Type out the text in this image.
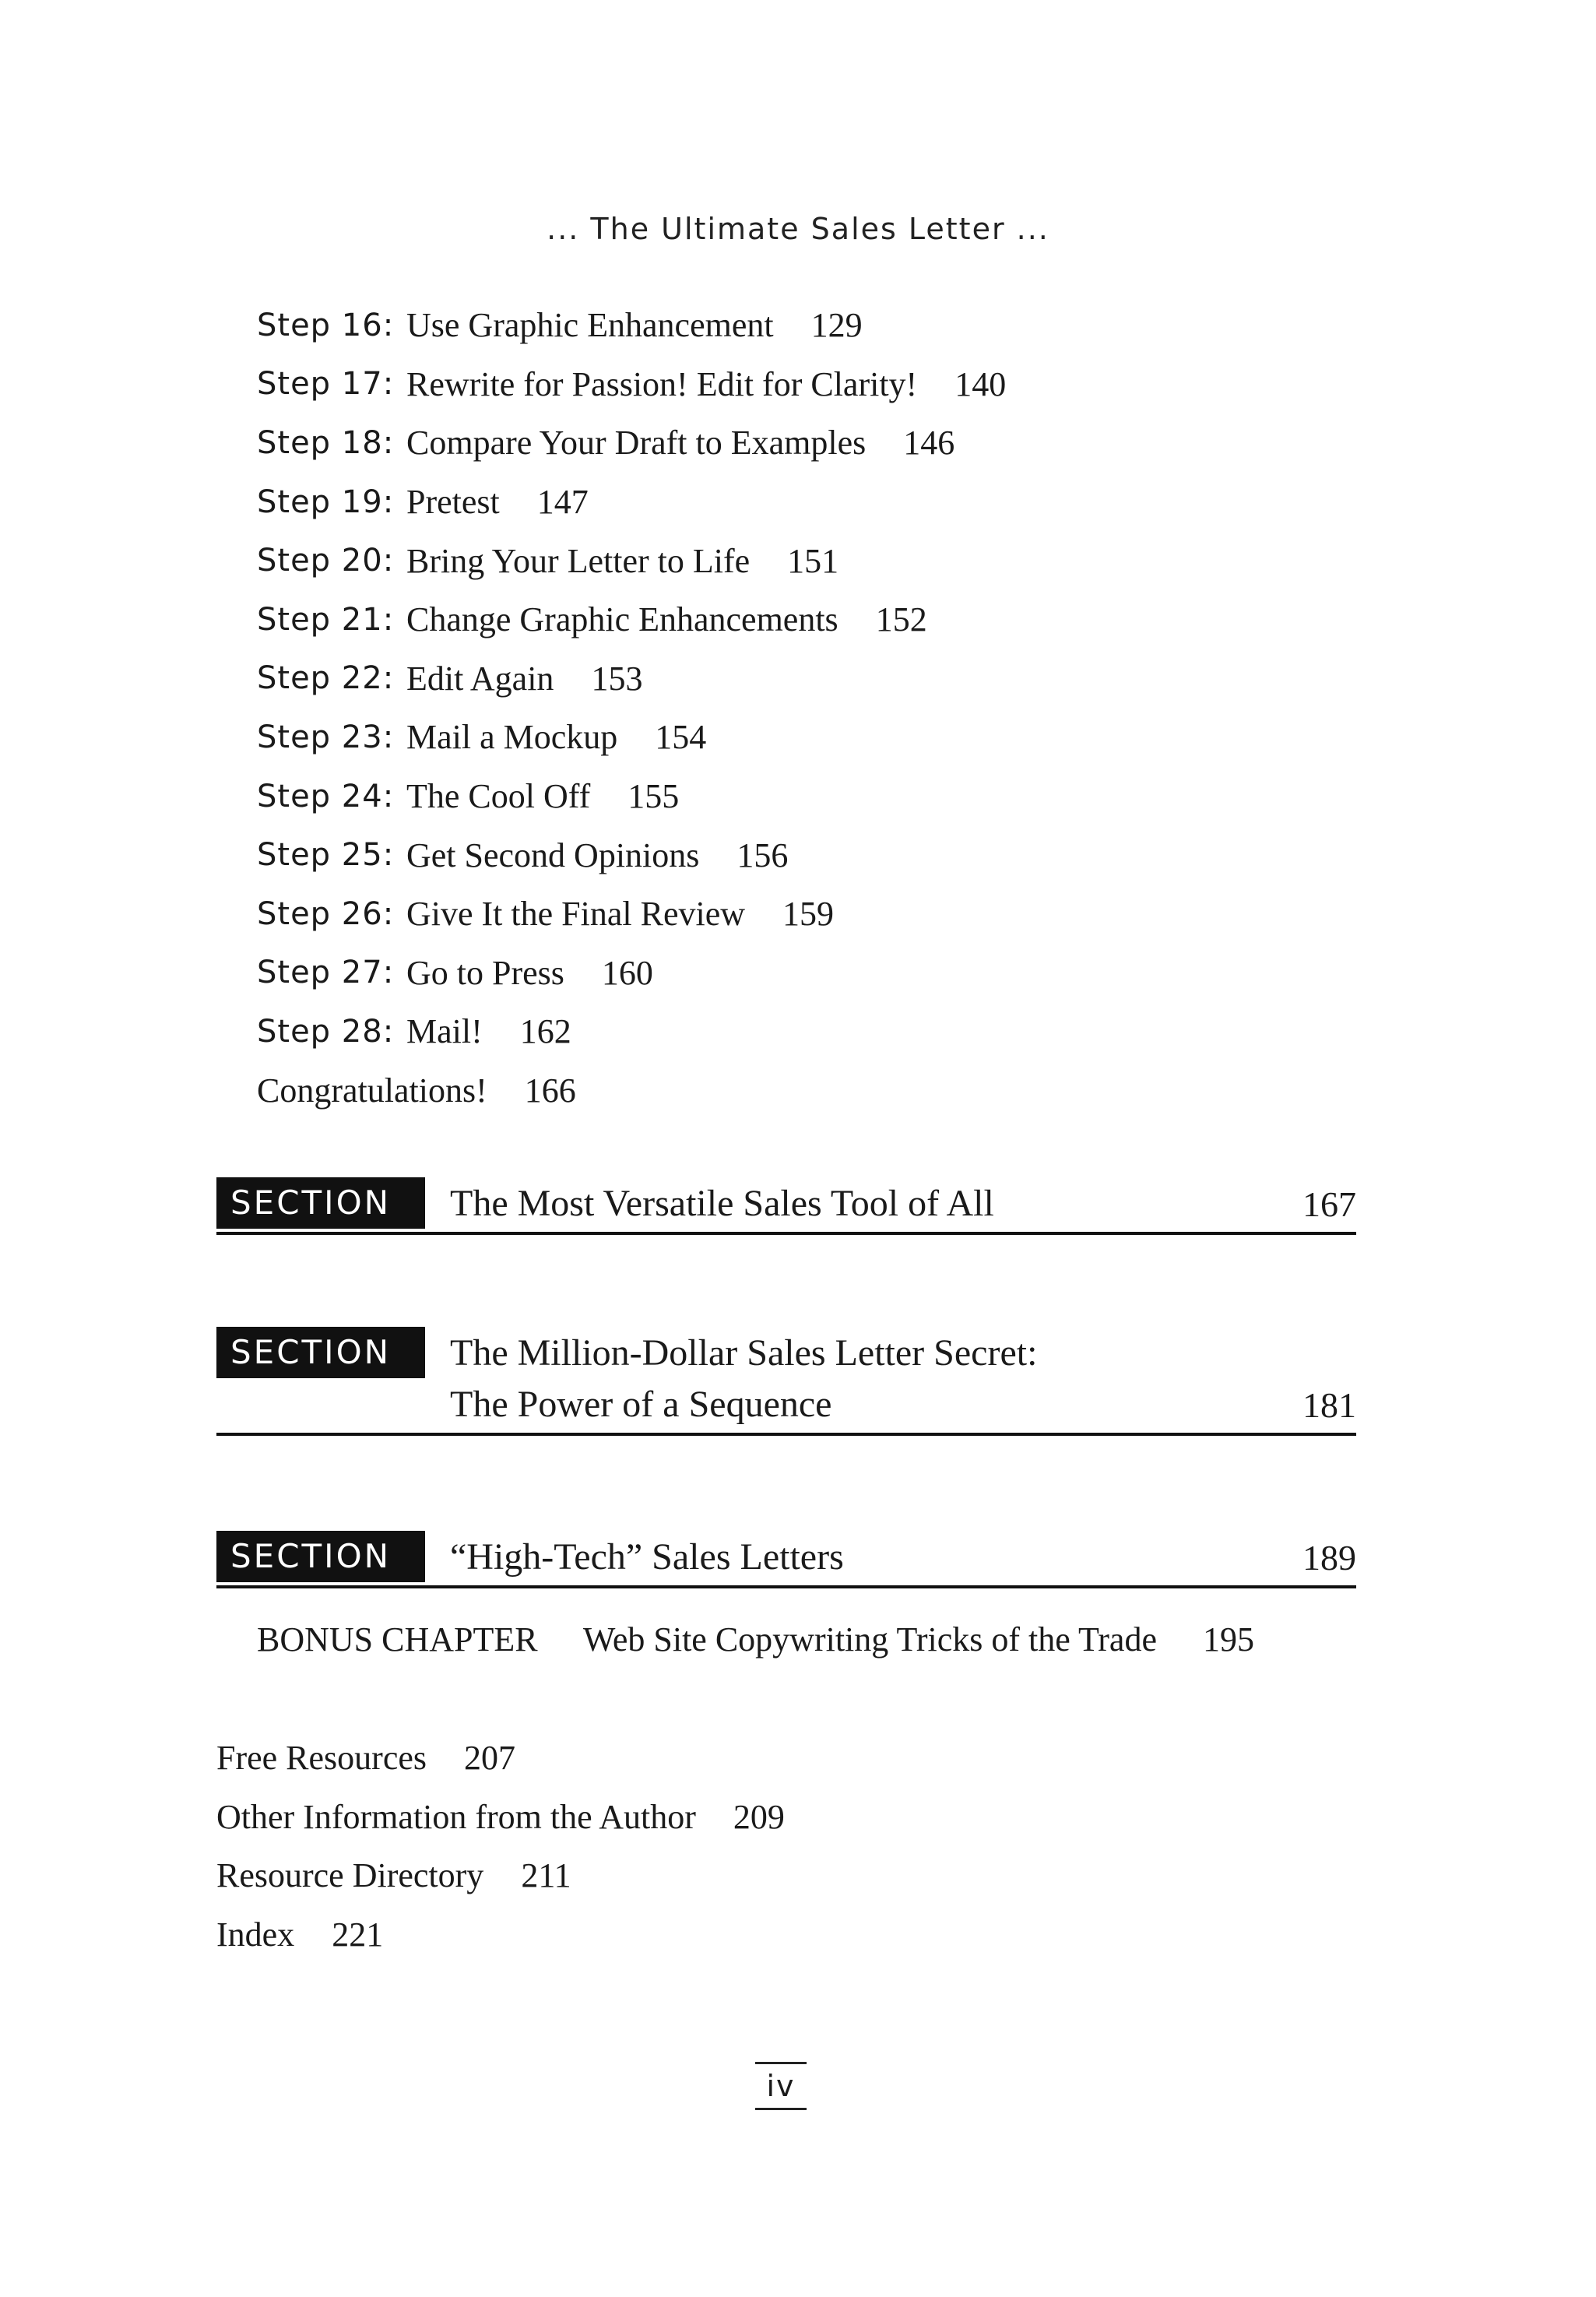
... The Ultimate Sales Letter ...
Step 16: Use Graphic Enhancement 129
Step 17: Rewrite for Passion! Edit for Clarity! 140
Step 18: Compare Your Draft to Examples 146
Step 19: Pretest 147
Step 20: Bring Your Letter to Life 151
Step 21: Change Graphic Enhancements 152
Step 22: Edit Again 153
Step 23: Mail a Mockup 154
Step 24: The Cool Off 155
Step 25: Get Second Opinions 156
Step 26: Give It the Final Review 159
Step 27: Go to Press 160
Step 28: Mail! 162
Congratulations! 166
SECTION 3
The Most Versatile Sales Tool of All	167
SECTION 4
The Million-Dollar Sales Letter Secret:
The Power of a Sequence	181
SECTION 5
“High-Tech” Sales Letters	189
BONUS CHAPTER Web Site Copywriting Tricks of the Trade 195
Free Resources 207
Other Information from the Author 209
Resource Directory 211
Index 221
iv
